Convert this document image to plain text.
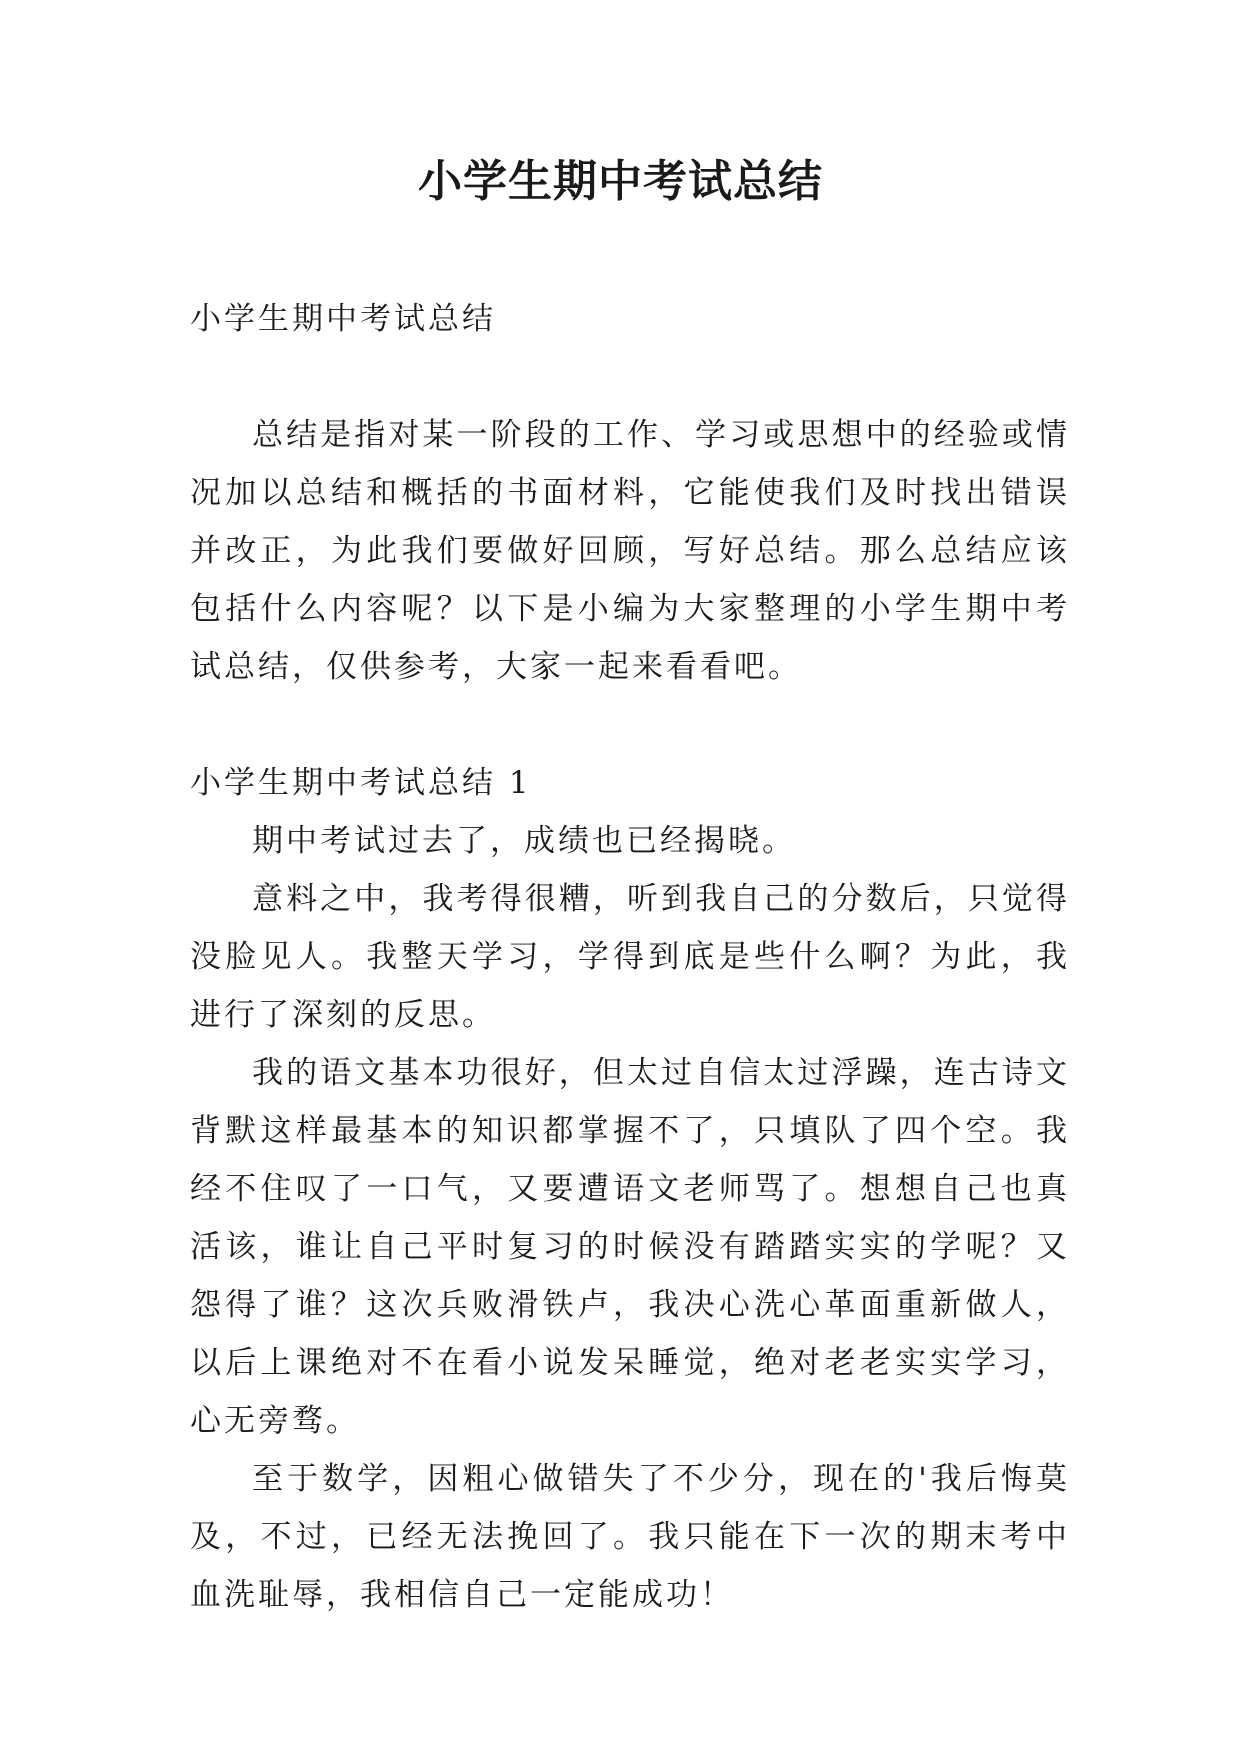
小学生期中考试总结

小学生期中考试总结

总结是指对某一阶段的工作、学习或思想中的经验或情况加以总结和概括的书面材料，它能使我们及时找出错误并改正，为此我们要做好回顾，写好总结。那么总结应该包括什么内容呢？以下是小编为大家整理的小学生期中考试总结，仅供参考，大家一起来看看吧。

小学生期中考试总结 1

期中考试过去了，成绩也已经揭晓。

意料之中，我考得很糟，听到我自己的分数后，只觉得没脸见人。我整天学习，学得到底是些什么啊？为此，我进行了深刻的反思。

我的语文基本功很好，但太过自信太过浮躁，连古诗文背默这样最基本的知识都掌握不了，只填队了四个空。我经不住叹了一口气，又要遭语文老师骂了。想想自己也真活该，谁让自己平时复习的时候没有踏踏实实的学呢？又怨得了谁？这次兵败滑铁卢，我决心洗心革面重新做人，以后上课绝对不在看小说发呆睡觉，绝对老老实实学习，心无旁骛。

至于数学，因粗心做错失了不少分，现在的'我后悔莫及，不过，已经无法挽回了。我只能在下一次的期末考中血洗耻辱，我相信自己一定能成功！
